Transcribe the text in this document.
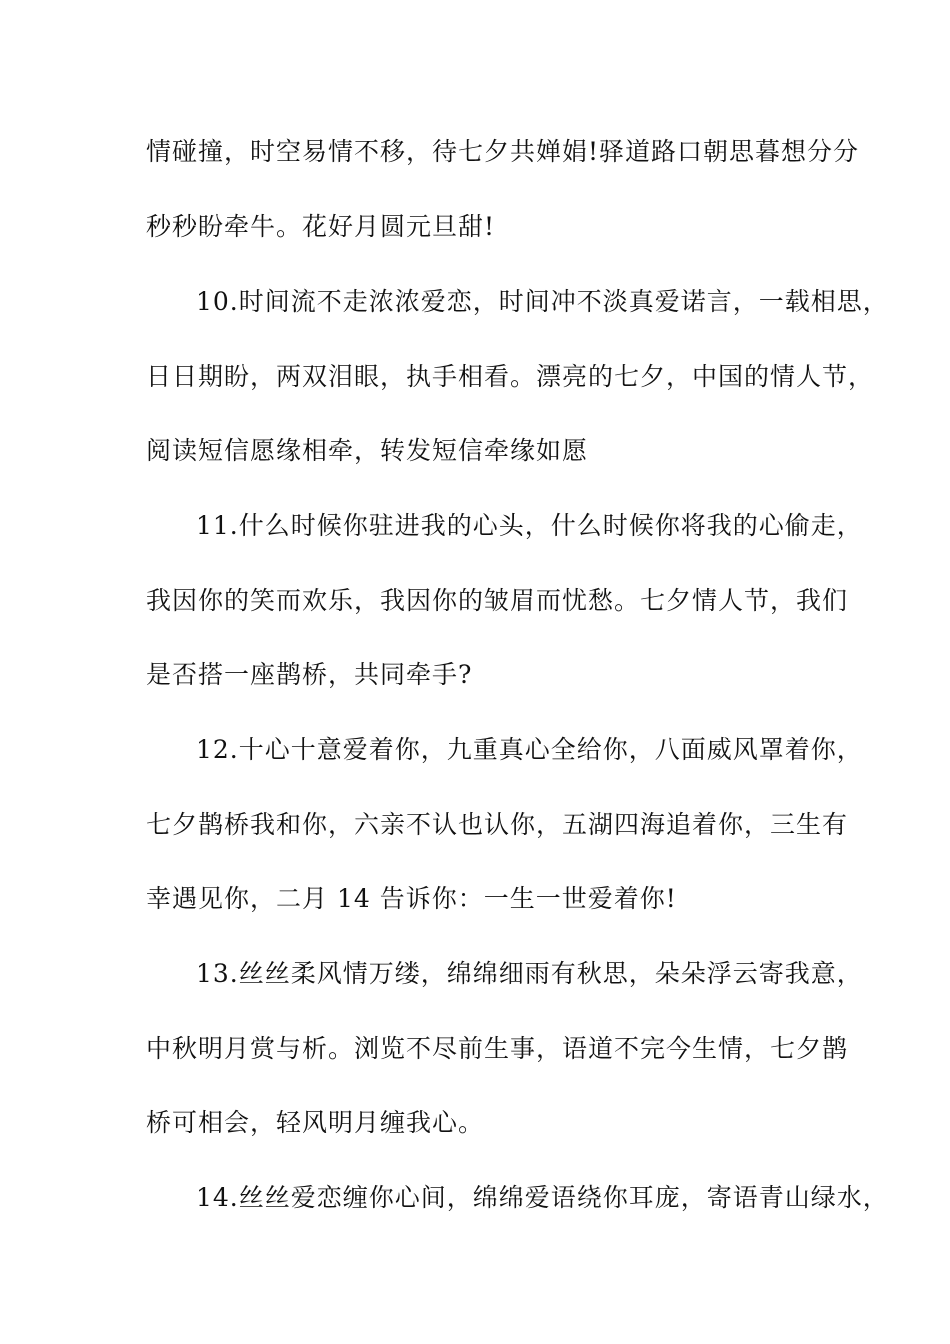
情碰撞，时空易情不移，待七夕共婵娟!驿道路口朝思暮想分分
秒秒盼牵牛。花好月圆元旦甜!
10.时间流不走浓浓爱恋，时间冲不淡真爱诺言，一载相思，
日日期盼，两双泪眼，执手相看。漂亮的七夕，中国的情人节，
阅读短信愿缘相牵，转发短信牵缘如愿
11.什么时候你驻进我的心头，什么时候你将我的心偷走，
我因你的笑而欢乐，我因你的皱眉而忧愁。七夕情人节，我们
是否搭一座鹊桥，共同牵手?
12.十心十意爱着你，九重真心全给你，八面威风罩着你，
七夕鹊桥我和你，六亲不认也认你，五湖四海追着你，三生有
幸遇见你，二月 14 告诉你：一生一世爱着你!
13.丝丝柔风情万缕，绵绵细雨有秋思，朵朵浮云寄我意，
中秋明月赏与析。浏览不尽前生事，语道不完今生情，七夕鹊
桥可相会，轻风明月缠我心。
14.丝丝爱恋缠你心间，绵绵爱语绕你耳庞，寄语青山绿水，
